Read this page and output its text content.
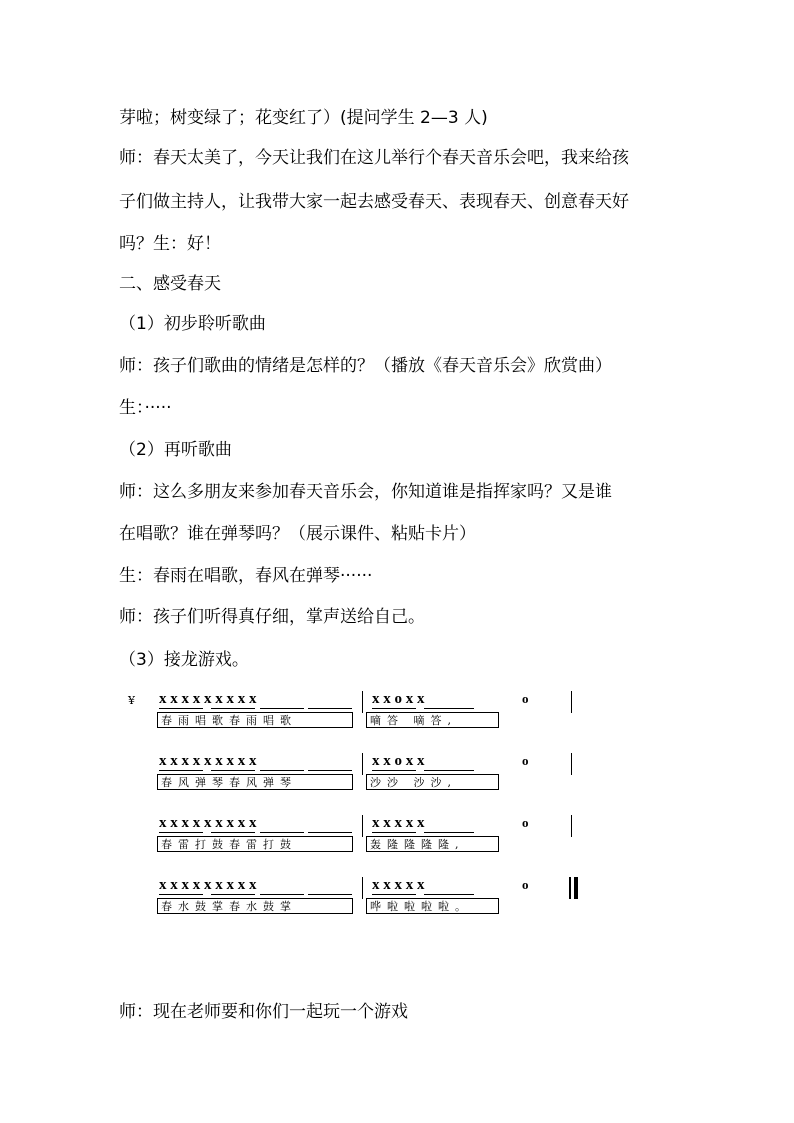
芽啦；树变绿了；花变红了）(提问学生 2—3 人)
师：春天太美了，今天让我们在这儿举行个春天音乐会吧，我来给孩
子们做主持人，让我带大家一起去感受春天、表现春天、创意春天好
吗？生：好！
二、感受春天
（1）初步聆听歌曲
师：孩子们歌曲的情绪是怎样的？（播放《春天音乐会》欣赏曲）
生：·····
（2）再听歌曲
师：这么多朋友来参加春天音乐会，你知道谁是指挥家吗？又是谁
在唱歌？谁在弹琴吗？（展示课件、粘贴卡片）
生：春雨在唱歌，春风在弹琴······
师：孩子们听得真仔细，掌声送给自己。
（3）接龙游戏。
¥ x x x x x x x x x	x x o x x	o
春雨唱歌春雨唱歌	嘀答 嘀答,
x x x x x x x x x	x x o x x	o
春风弹琴春风弹琴	沙沙 沙沙,
x x x x x x x x x	x x x x x	o
春雷打鼓春雷打鼓	轰隆隆隆隆,
x x x x x x x x x	x x x x x	o
春水鼓掌春水鼓掌	哗啦啦啦啦。
师：现在老师要和你们一起玩一个游戏
